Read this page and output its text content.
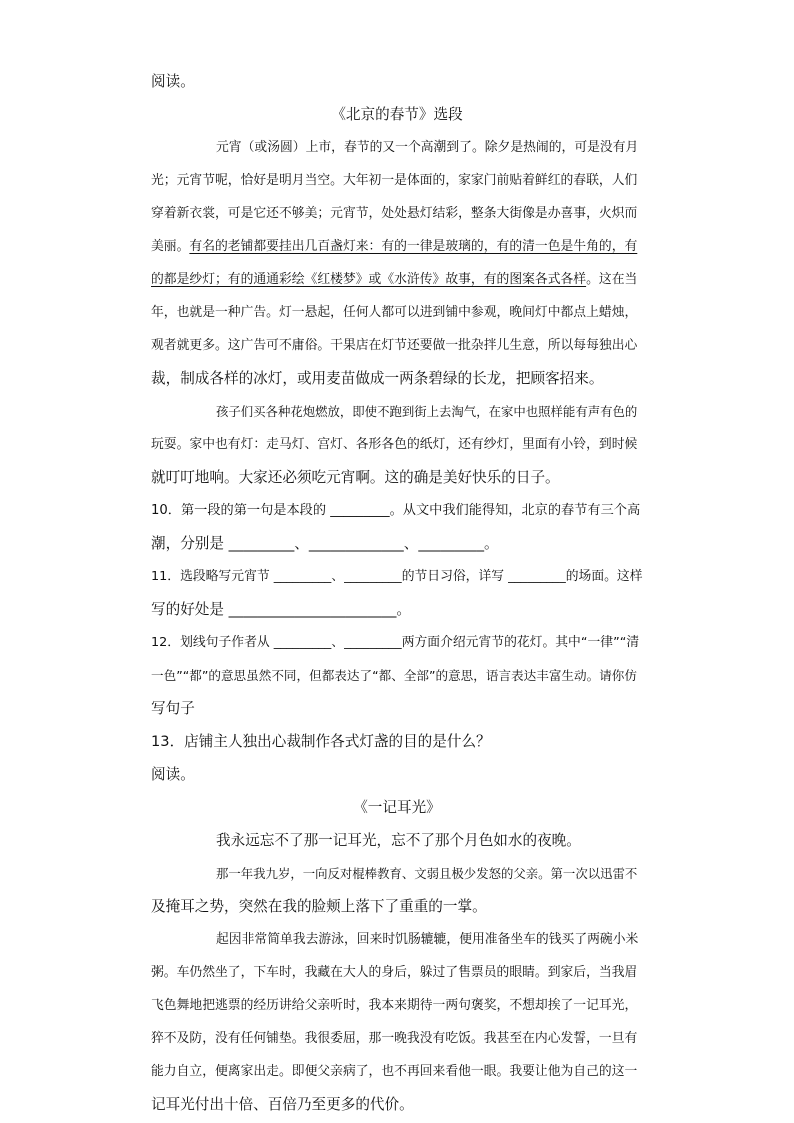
阅读。
《北京的春节》选段
元宵（或汤圆）上市，春节的又一个高潮到了。除夕是热闹的，可是没有月
光；元宵节呢，恰好是明月当空。大年初一是体面的，家家门前贴着鲜红的春联，人们
穿着新衣裳，可是它还不够美；元宵节，处处悬灯结彩，整条大街像是办喜事，火炽而
美丽。有名的老铺都要挂出几百盏灯来：有的一律是玻璃的，有的清一色是牛角的，有
的都是纱灯；有的通通彩绘《红楼梦》或《水浒传》故事，有的图案各式各样。这在当
年，也就是一种广告。灯一悬起，任何人都可以进到铺中参观，晚间灯中都点上蜡烛，
观者就更多。这广告可不庸俗。干果店在灯节还要做一批杂拌儿生意，所以每每独出心
裁，制成各样的冰灯，或用麦苗做成一两条碧绿的长龙，把顾客招来。
孩子们买各种花炮燃放，即使不跑到街上去淘气，在家中也照样能有声有色的
玩耍。家中也有灯：走马灯、宫灯、各形各色的纸灯，还有纱灯，里面有小铃，到时候
就叮叮地响。大家还必须吃元宵啊。这的确是美好快乐的日子。
10．第一段的第一句是本段的 _________。从文中我们能得知，北京的春节有三个高
潮，分别是 _________、_____________、_________。
11．选段略写元宵节 _________、_________的节日习俗，详写 _________的场面。这样
写的好处是 _______________________。
12．划线句子作者从 _________、_________两方面介绍元宵节的花灯。其中“一律”“清
一色”“都”的意思虽然不同，但都表达了“都、全部”的意思，语言表达丰富生动。请你仿
写句子
13．店铺主人独出心裁制作各式灯盏的目的是什么？
阅读。
《一记耳光》
我永远忘不了那一记耳光，忘不了那个月色如水的夜晚。
那一年我九岁，一向反对棍棒教育、文弱且极少发怒的父亲。第一次以迅雷不
及掩耳之势，突然在我的脸颊上落下了重重的一掌。
起因非常简单我去游泳，回来时饥肠辘辘，便用准备坐车的钱买了两碗小米
粥。车仍然坐了，下车时，我藏在大人的身后，躲过了售票员的眼睛。到家后，当我眉
飞色舞地把逃票的经历讲给父亲听时，我本来期待一两句褒奖，不想却挨了一记耳光，
猝不及防，没有任何铺垫。我很委屈，那一晚我没有吃饭。我甚至在内心发誓，一旦有
能力自立，便离家出走。即便父亲病了，也不再回来看他一眼。我要让他为自己的这一
记耳光付出十倍、百倍乃至更多的代价。
